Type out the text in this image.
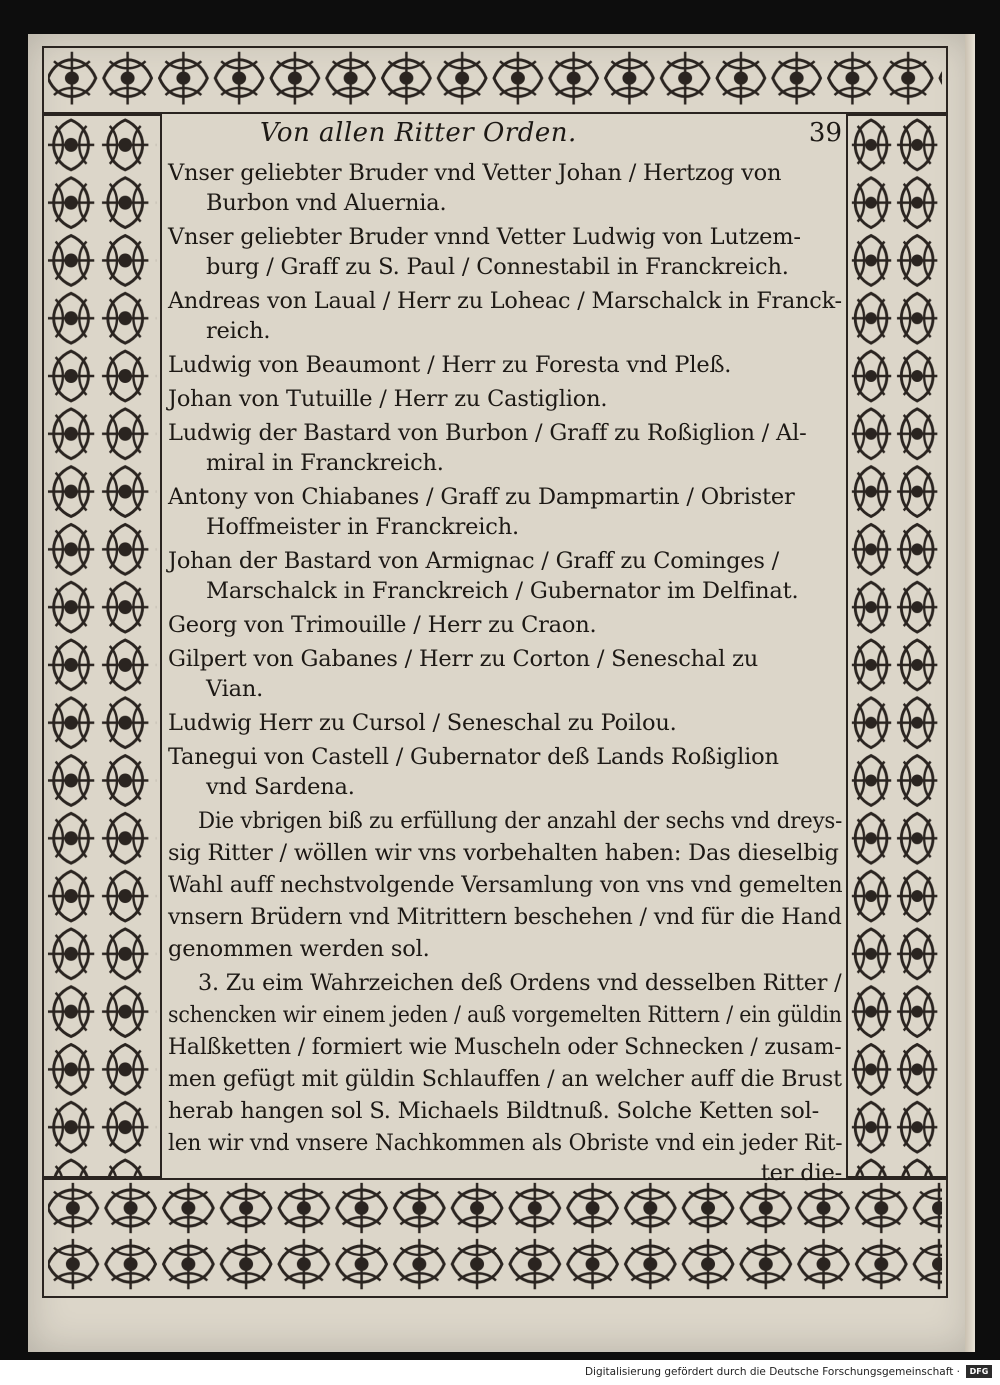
Von allen Ritter Orden.	39
Vnser geliebter Bruder vnd Vetter Johan / Hertzog von
Burbon vnd Aluernia.
Vnser geliebter Bruder vnnd Vetter Ludwig von Lutzem-
burg / Graff zu S. Paul / Connestabil in Franckreich.
Andreas von Laual / Herr zu Loheac / Marschalck in Franck-
reich.
Ludwig von Beaumont / Herr zu Foresta vnd Pleß.
Johan von Tutuille / Herr zu Castiglion.
Ludwig der Bastard von Burbon / Graff zu Roßiglion / Al-
miral in Franckreich.
Antony von Chiabanes / Graff zu Dampmartin / Obrister
Hoffmeister in Franckreich.
Johan der Bastard von Armignac / Graff zu Cominges /
Marschalck in Franckreich / Gubernator im Delfinat.
Georg von Trimouille / Herr zu Craon.
Gilpert von Gabanes / Herr zu Corton / Seneschal zu
Vian.
Ludwig Herr zu Cursol / Seneschal zu Poilou.
Tanegui von Castell / Gubernator deß Lands Roßiglion
vnd Sardena.
Die vbrigen biß zu erfüllung der anzahl der sechs vnd dreys-
sig Ritter / wöllen wir vns vorbehalten haben: Das dieselbig
Wahl auff nechstvolgende Versamlung von vns vnd gemelten
vnsern Brüdern vnd Mitrittern beschehen / vnd für die Hand
genommen werden sol.
3. Zu eim Wahrzeichen deß Ordens vnd desselben Ritter /
schencken wir einem jeden / auß vorgemelten Rittern / ein güldin
Halßketten / formiert wie Muscheln oder Schnecken / zusam-
men gefügt mit güldin Schlauffen / an welcher auff die Brust
herab hangen sol S. Michaels Bildtnuß. Solche Ketten sol-
len wir vnd vnsere Nachkommen als Obriste vnd ein jeder Rit-
ter die-
Digitalisierung gefördert durch die Deutsche Forschungsgemeinschaft ·	DFG
